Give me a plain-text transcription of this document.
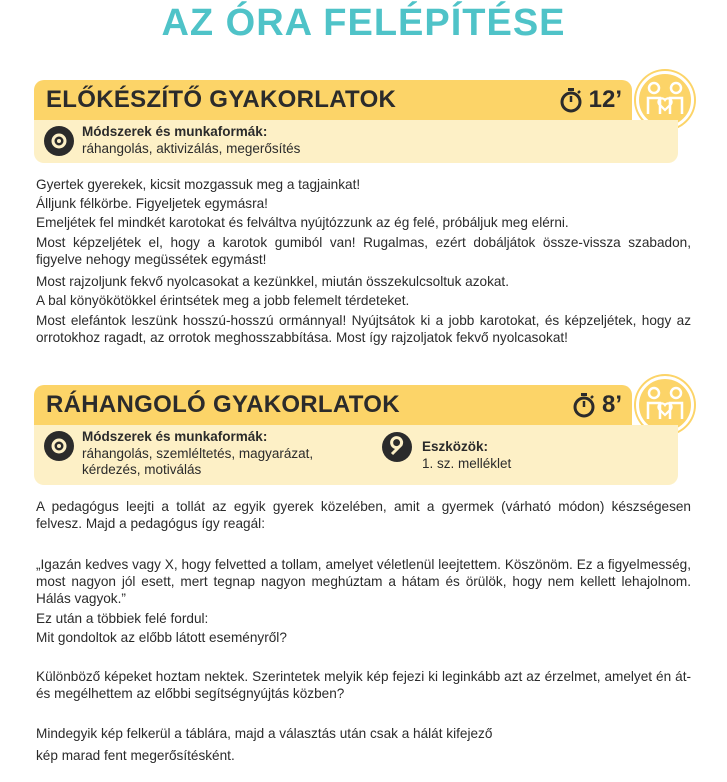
AZ ÓRA FELÉPÍTÉSE
ELŐKÉSZÍTŐ GYAKORLATOK	12’
Módszerek és munkaformák:
ráhangolás, aktivizálás, megerősítés
Gyertek gyerekek, kicsit mozgassuk meg a tagjainkat!
Álljunk félkörbe. Figyeljetek egymásra!
Emeljétek fel mindkét karotokat és felváltva nyújtózzunk az ég felé, próbáljuk meg elérni.
Most képzeljétek el, hogy a karotok gumiból van! Rugalmas, ezért dobáljátok össze-vissza szabadon, figyelve nehogy megüssétek egymást!
Most rajzoljunk fekvő nyolcasokat a kezünkkel, miután összekulcsoltuk azokat.
A bal könyökötökkel érintsétek meg a jobb felemelt térdeteket.
Most elefántok leszünk hosszú-hosszú ormánnyal! Nyújtsátok ki a jobb karotokat, és képzeljétek, hogy az orrotokhoz ragadt, az orrotok meghosszabbítása. Most így rajzoljatok fekvő nyolcasokat!
RÁHANGOLÓ GYAKORLATOK	8’
Módszerek és munkaformák:
ráhangolás, szemléltetés, magyarázat, kérdezés, motiválás
Eszközök:
1. sz. melléklet
A pedagógus leejti a tollát az egyik gyerek közelében, amit a gyermek (várható módon) készségesen felvesz. Majd a pedagógus így reagál:
„Igazán kedves vagy X, hogy felvetted a tollam, amelyet véletlenül leejtettem. Köszönöm. Ez a figyelmesség, most nagyon jól esett, mert tegnap nagyon meghúztam a hátam és örülök, hogy nem kellett lehajolnom. Hálás vagyok.”
Ez után a többiek felé fordul:
Mit gondoltok az előbb látott eseményről?
Különböző képeket hoztam nektek. Szerintetek melyik kép fejezi ki leginkább azt az érzelmet, amelyet én át-és megélhettem az előbbi segítségnyújtás közben?
Mindegyik kép felkerül a táblára, majd a választás után csak a hálát kifejező
kép marad fent megerősítésként.
